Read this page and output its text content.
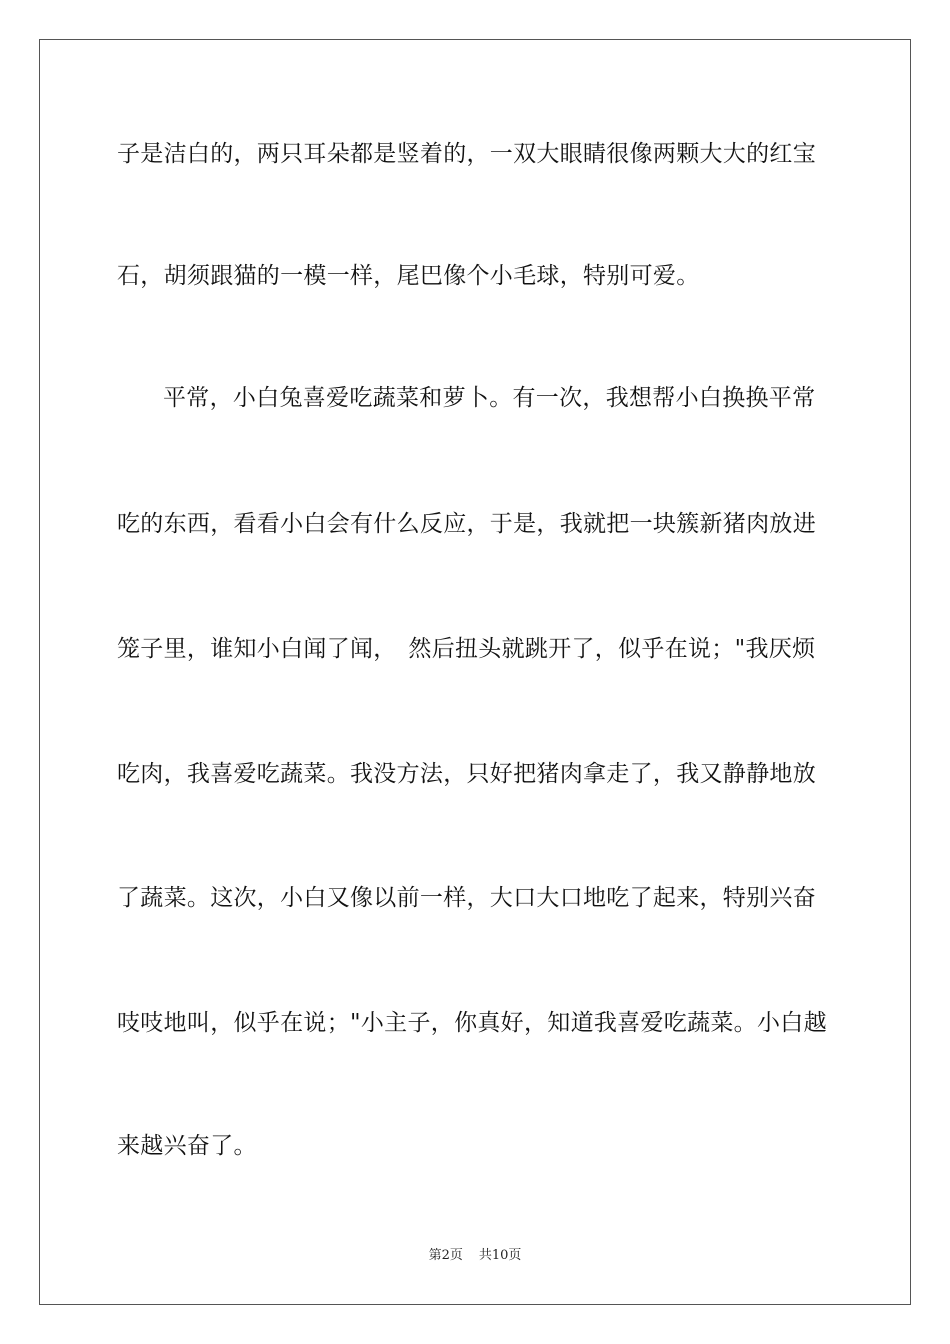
子是洁白的，两只耳朵都是竖着的，一双大眼睛很像两颗大大的红宝
石，胡须跟猫的一模一样，尾巴像个小毛球，特别可爱。
平常，小白兔喜爱吃蔬菜和萝卜。有一次，我想帮小白换换平常
吃的东西，看看小白会有什么反应，于是，我就把一块簇新猪肉放进
笼子里，谁知小白闻了闻，　然后扭头就跳开了，似乎在说；"我厌烦
吃肉，我喜爱吃蔬菜。我没方法，只好把猪肉拿走了，我又静静地放
了蔬菜。这次，小白又像以前一样，大口大口地吃了起来，特别兴奋
吱吱地叫，似乎在说；"小主子，你真好，知道我喜爱吃蔬菜。小白越
来越兴奋了。
第2页 共10页
